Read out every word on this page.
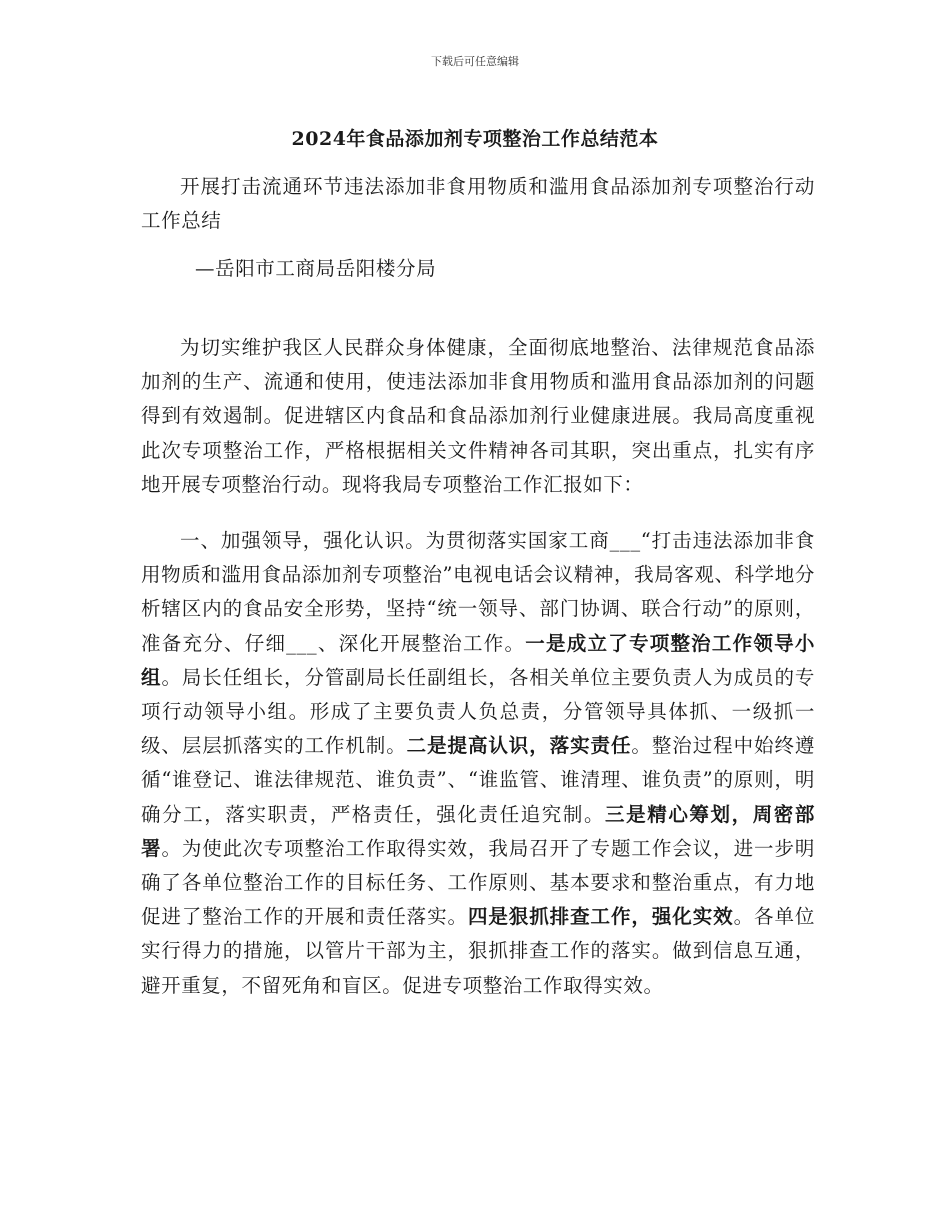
下载后可任意编辑
2024年食品添加剂专项整治工作总结范本
开展打击流通环节违法添加非食用物质和滥用食品添加剂专项整治行动工作总结
—岳阳市工商局岳阳楼分局
为切实维护我区人民群众身体健康，全面彻底地整治、法律规范食品添加剂的生产、流通和使用，使违法添加非食用物质和滥用食品添加剂的问题得到有效遏制。促进辖区内食品和食品添加剂行业健康进展。我局高度重视此次专项整治工作，严格根据相关文件精神各司其职，突出重点，扎实有序地开展专项整治行动。现将我局专项整治工作汇报如下：
一、加强领导，强化认识。为贯彻落实国家工商___“打击违法添加非食用物质和滥用食品添加剂专项整治”电视电话会议精神，我局客观、科学地分析辖区内的食品安全形势，坚持“统一领导、部门协调、联合行动”的原则，准备充分、仔细___、深化开展整治工作。一是成立了专项整治工作领导小组。局长任组长，分管副局长任副组长，各相关单位主要负责人为成员的专项行动领导小组。形成了主要负责人负总责，分管领导具体抓、一级抓一级、层层抓落实的工作机制。二是提高认识，落实责任。整治过程中始终遵循“谁登记、谁法律规范、谁负责”、“谁监管、谁清理、谁负责”的原则，明确分工，落实职责，严格责任，强化责任追究制。三是精心筹划，周密部署。为使此次专项整治工作取得实效，我局召开了专题工作会议，进一步明确了各单位整治工作的目标任务、工作原则、基本要求和整治重点，有力地促进了整治工作的开展和责任落实。四是狠抓排查工作，强化实效。各单位实行得力的措施，以管片干部为主，狠抓排查工作的落实。做到信息互通，避开重复，不留死角和盲区。促进专项整治工作取得实效。
